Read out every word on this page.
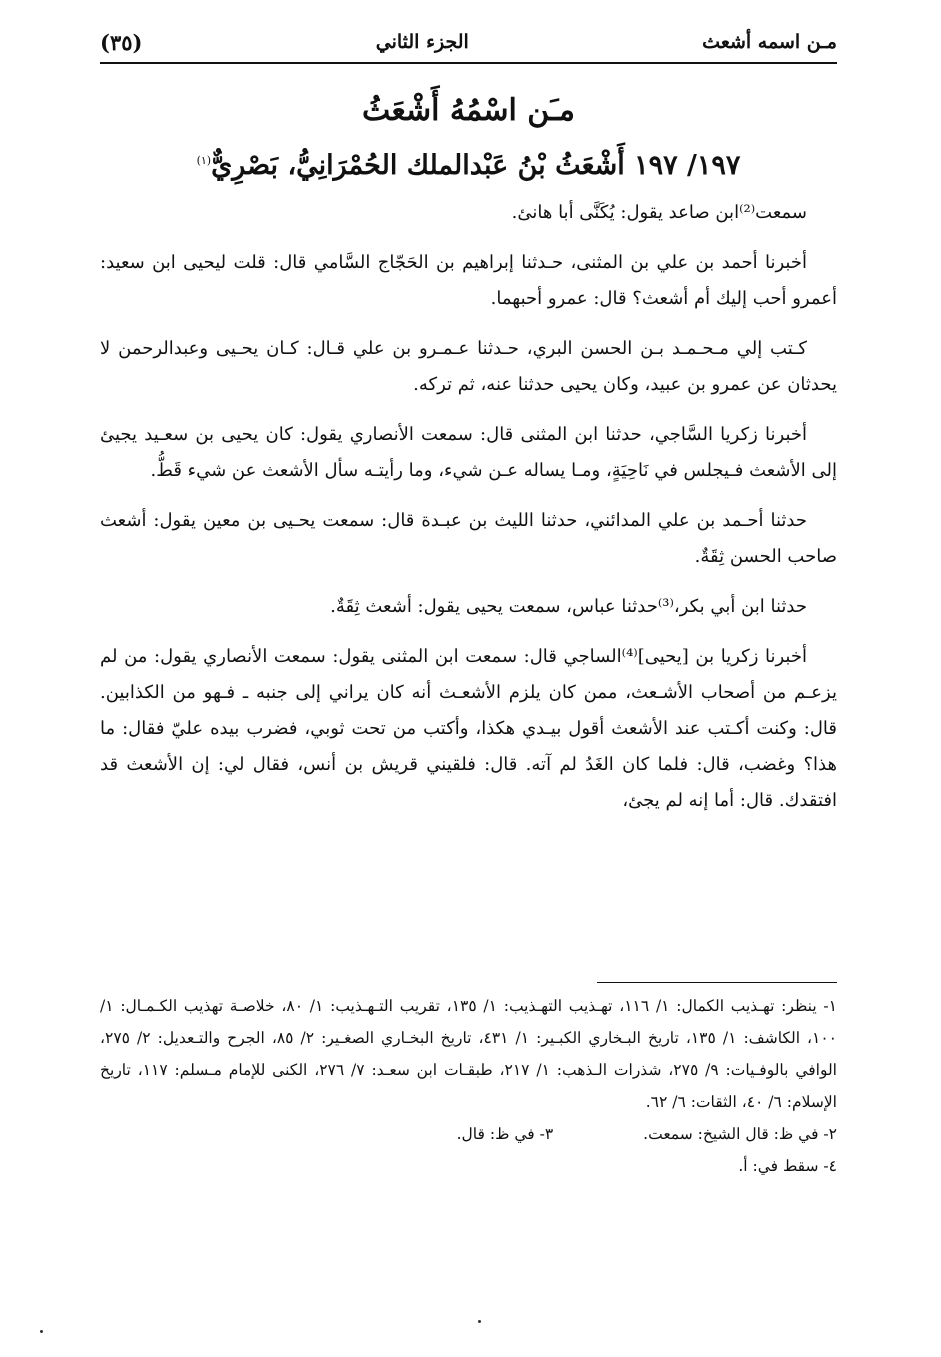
(٣٥)	الجزء الثاني	مـن اسمه أشعث
مـَن اسْمُهُ أَشْعَثُ
١٩٧/ ١٩٧ أَشْعَثُ بْنُ عَبْدالملك الحُمْرَانِيُّ، بَصْرِيٌّ$^{(١)}$

سمعت⁽²⁾ابن صاعد يقول: يُكَنَّى أبا هانئ.

أخبرنا أحمد بن علي بن المثنى، حـدثنا إبراهيم بن الحَجّاج السَّامي قال: قلت ليحيى ابن سعيد: أعمرو أحب إليك أم أشعث؟ قال: عمرو أحبهما.

كـتب إلي مـحـمـد بـن الحسن البري، حـدثنا عـمـرو بن علي قـال: كـان يحـيى وعبدالرحمن لا يحدثان عن عمرو بن عبيد، وكان يحيى حدثنا عنه، ثم تركه.

أخبرنا زكريا السَّاجي، حدثنا ابن المثنى قال: سمعت الأنصاري يقول: كان يحيى بن سعـيد يجيئ إلى الأشعث فـيجلس في نَاحِيَةٍ، ومـا يساله عـن شيء، وما رأيتـه سأل الأشعث عن شيء قَطُّ.

حدثنا أحـمد بن علي المدائني، حدثنا الليث بن عبـدة قال: سمعت يحـيى بن معين يقول: أشعث صاحب الحسن ثِقَةٌ.

حدثنا ابن أبي بكر،⁽³⁾حدثنا عباس، سمعت يحيى يقول: أشعث ثِقَةٌ.

أخبرنا زكريا بن [يحيى]⁽⁴⁾الساجي قال: سمعت ابن المثنى يقول: سمعت الأنصاري يقول: من لم يزعـم من أصحاب الأشـعث، ممن كان يلزم الأشعـث أنه كان يراني إلى جنبه ـ فـهو من الكذابين. قال: وكنت أكـتب عند الأشعث أقول بيـدي هكذا، وأكتب من تحت ثوبي، فضرب بيده عليّ فقال: ما هذا؟ وغضب، قال: فلما كان الغَدُ لم آته. قال: فلقيني قريش بن أنس، فقال لي: إن الأشعث قد افتقدك. قال: أما إنه لم يجئ،

١- ينظر: تهـذيب الكمال: ١/ ١١٦، تهـذيب التهـذيب: ١/ ١٣٥، تقريب التـهـذيب: ١/ ٨٠، خلاصـة تهذيب الكـمـال: ١/ ١٠٠، الكاشف: ١/ ١٣٥، تاريخ البـخاري الكبـير: ١/ ٤٣١، تاريخ البخـاري الصغـير: ٢/ ٨٥، الجرح والتـعديل: ٢/ ٢٧٥، الوافي بالوفـيات: ٩/ ٢٧٥، شذرات الـذهب: ١/ ٢١٧، طبقـات ابن سعـد: ٧/ ٢٧٦، الكنى للإمام مـسلم: ١١٧، تاريخ الإسلام: ٦/ ٤٠، الثقات: ٦/ ٦٢.
٢- في ظ: قال الشيخ: سمعت.
٣- في ظ: قال.
٤- سقط في: أ.
